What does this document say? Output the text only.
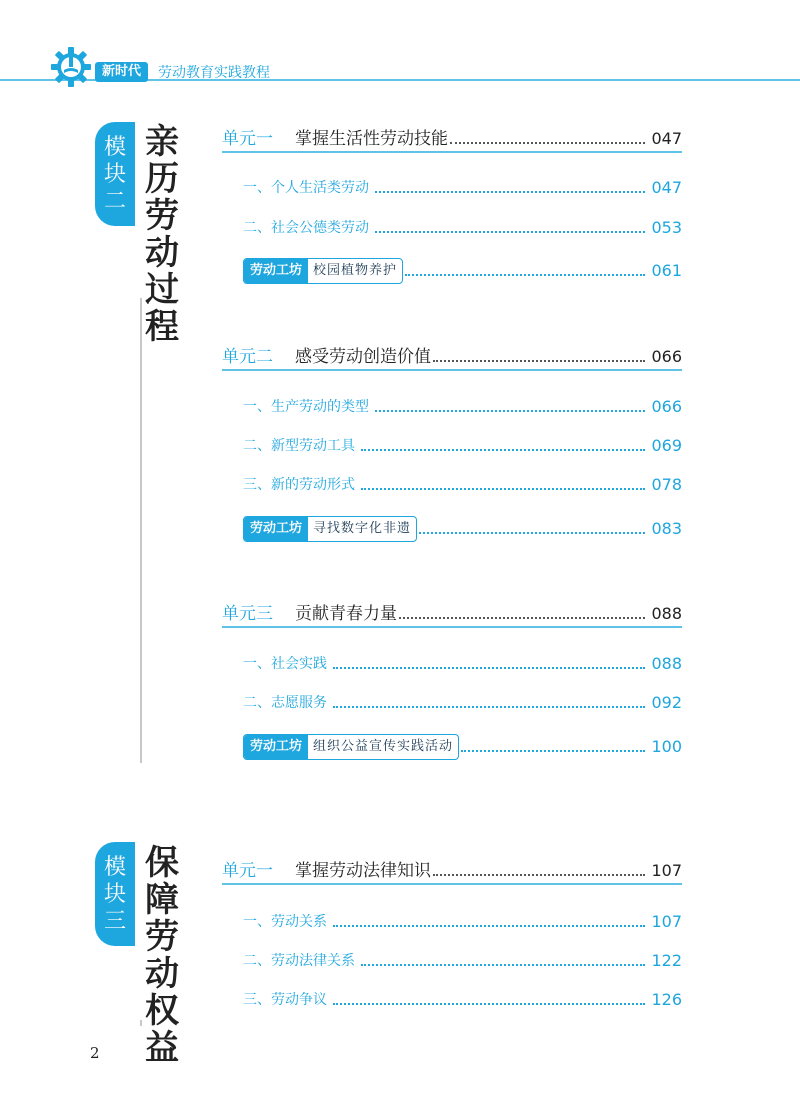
新时代	劳动教育实践教程
模
块
二
亲
历
劳
动
过
程
单元一 掌握生活性劳动技能	047
一、个人生活类劳动	047
二、社会公德类劳动	053
劳动工坊 校园植物养护	061
单元二 感受劳动创造价值	066
一、生产劳动的类型	066
二、新型劳动工具	069
三、新的劳动形式	078
劳动工坊 寻找数字化非遗	083
单元三 贡献青春力量	088
一、社会实践	088
二、志愿服务	092
劳动工坊 组织公益宣传实践活动	100
模
块
三
保
障
劳
动
权
益
单元一 掌握劳动法律知识	107
一、劳动关系	107
二、劳动法律关系	122
三、劳动争议	126
2
